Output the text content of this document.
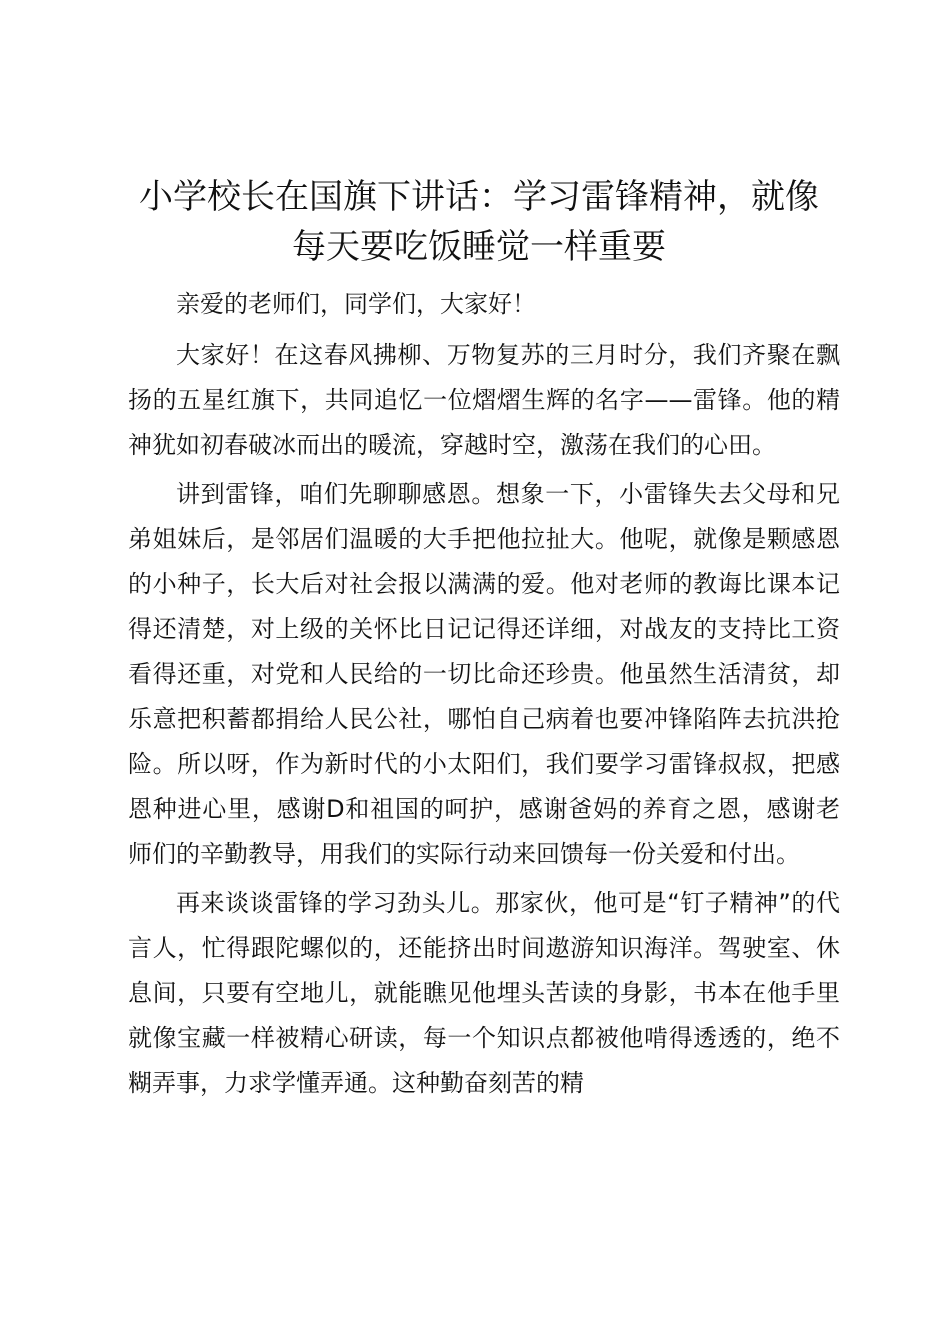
小学校长在国旗下讲话：学习雷锋精神，就像
每天要吃饭睡觉一样重要

亲爱的老师们，同学们，大家好！

大家好！在这春风拂柳、万物复苏的三月时分，我们齐聚在飘扬的五星红旗下，共同追忆一位熠熠生辉的名字——雷锋。他的精神犹如初春破冰而出的暖流，穿越时空，激荡在我们的心田。

讲到雷锋，咱们先聊聊感恩。想象一下，小雷锋失去父母和兄弟姐妹后，是邻居们温暖的大手把他拉扯大。他呢，就像是颗感恩的小种子，长大后对社会报以满满的爱。他对老师的教诲比课本记得还清楚，对上级的关怀比日记记得还详细，对战友的支持比工资看得还重，对党和人民给的一切比命还珍贵。他虽然生活清贫，却乐意把积蓄都捐给人民公社，哪怕自己病着也要冲锋陷阵去抗洪抢险。所以呀，作为新时代的小太阳们，我们要学习雷锋叔叔，把感恩种进心里，感谢D和祖国的呵护，感谢爸妈的养育之恩，感谢老师们的辛勤教导，用我们的实际行动来回馈每一份关爱和付出。

再来谈谈雷锋的学习劲头儿。那家伙，他可是“钉子精神”的代言人，忙得跟陀螺似的，还能挤出时间遨游知识海洋。驾驶室、休息间，只要有空地儿，就能瞧见他埋头苦读的身影，书本在他手里就像宝藏一样被精心研读，每一个知识点都被他啃得透透的，绝不糊弄事，力求学懂弄通。这种勤奋刻苦的精
